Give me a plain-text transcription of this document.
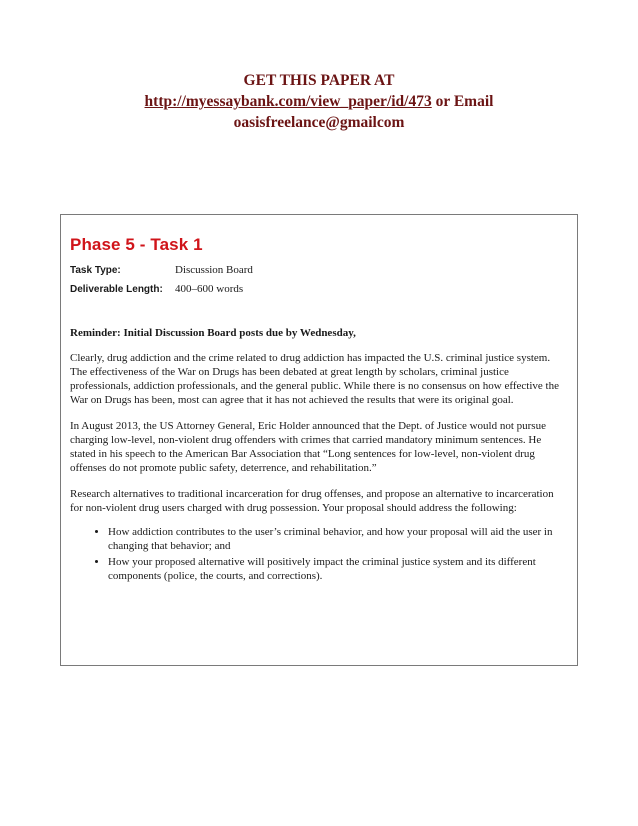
GET THIS PAPER AT
http://myessaybank.com/view_paper/id/473 or Email
oasisfreelance@gmailcom
Phase 5 - Task 1
Task Type:	Discussion Board
Deliverable Length: 400–600 words
Reminder: Initial Discussion Board posts due by Wednesday,

Clearly, drug addiction and the crime related to drug addiction has impacted the U.S. criminal justice system. The effectiveness of the War on Drugs has been debated at great length by scholars, criminal justice professionals, addiction professionals, and the general public. While there is no consensus on how effective the War on Drugs has been, most can agree that it has not achieved the results that were its original goal.

In August 2013, the US Attorney General, Eric Holder announced that the Dept. of Justice would not pursue charging low-level, non-violent drug offenders with crimes that carried mandatory minimum sentences. He stated in his speech to the American Bar Association that “Long sentences for low-level, non-violent drug offenses do not promote public safety, deterrence, and rehabilitation.”

Research alternatives to traditional incarceration for drug offenses, and propose an alternative to incarceration for non-violent drug users charged with drug possession. Your proposal should address the following:

• How addiction contributes to the user’s criminal behavior, and how your proposal will aid the user in changing that behavior; and
• How your proposed alternative will positively impact the criminal justice system and its different components (police, the courts, and corrections).
